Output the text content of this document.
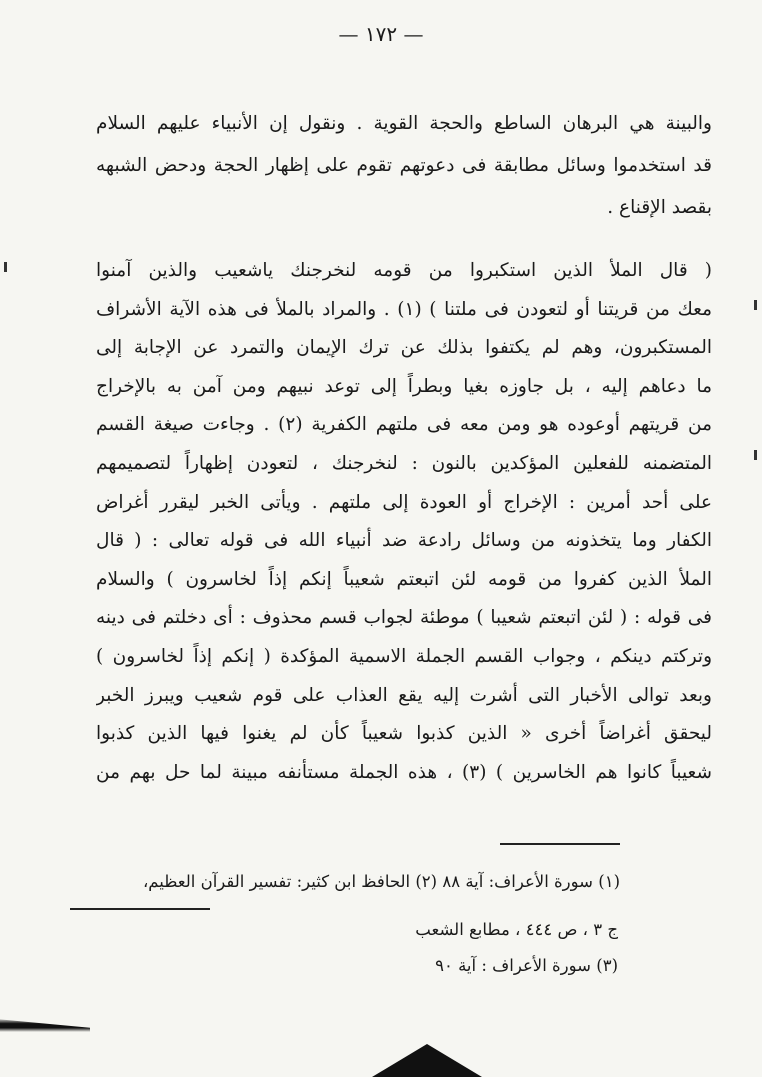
— ١٧٢ —
والبينة هي البرهان الساطع والحجة القوية . ونقول إن الأنبياء عليهم السلام
قد استخدموا وسائل مطابقة فى دعوتهم تقوم على إظهار الحجة ودحض الشبهه
بقصد الإقناع .
( قال الملأ الذين استكبروا من قومه لنخرجنك ياشعيب والذين آمنوا
معك من قريتنا أو لتعودن فى ملتنا ) (١) . والمراد بالملأ فى هذه الآية الأشراف
المستكبرون، وهم لم يكتفوا بذلك عن ترك الإيمان والتمرد عن الإجابة إلى
ما دعاهم إليه ، بل جاوزه بغيا وبطراً إلى توعد نبيهم ومن آمن به بالإخراج
من قريتهم أوعوده هو ومن معه فى ملتهم الكفرية (٢) . وجاءت صيغة القسم
المتضمنه للفعلين المؤكدين بالنون : لنخرجنك ، لتعودن إظهاراً لتصميمهم
على أحد أمرين : الإخراج أو العودة إلى ملتهم . ويأتى الخبر ليقرر أغراض
الكفار وما يتخذونه من وسائل رادعة ضد أنبياء الله فى قوله تعالى : ( قال
الملأ الذين كفروا من قومه لئن اتبعتم شعيباً إنكم إذاً لخاسرون ) والسلام
فى قوله : ( لئن اتبعتم شعيبا ) موطئة لجواب قسم محذوف : أى دخلتم فى دينه
وتركتم دينكم ، وجواب القسم الجملة الاسمية المؤكدة ( إنكم إذاً لخاسرون )
وبعد توالى الأخبار التى أشرت إليه يقع العذاب على قوم شعيب ويبرز الخبر
ليحقق أغراضاً أخرى « الذين كذبوا شعيباً كأن لم يغنوا فيها الذين كذبوا
شعيباً كانوا هم الخاسرين ) (٣) ، هذه الجملة مستأنفه مبينة لما حل بهم من
(١) سورة الأعراف: آية ٨٨ (٢) الحافظ ابن كثير: تفسير القرآن العظيم،
ج ٣ ، ص ٤٤٤ ، مطابع الشعب
(٣) سورة الأعراف : آية ٩٠
